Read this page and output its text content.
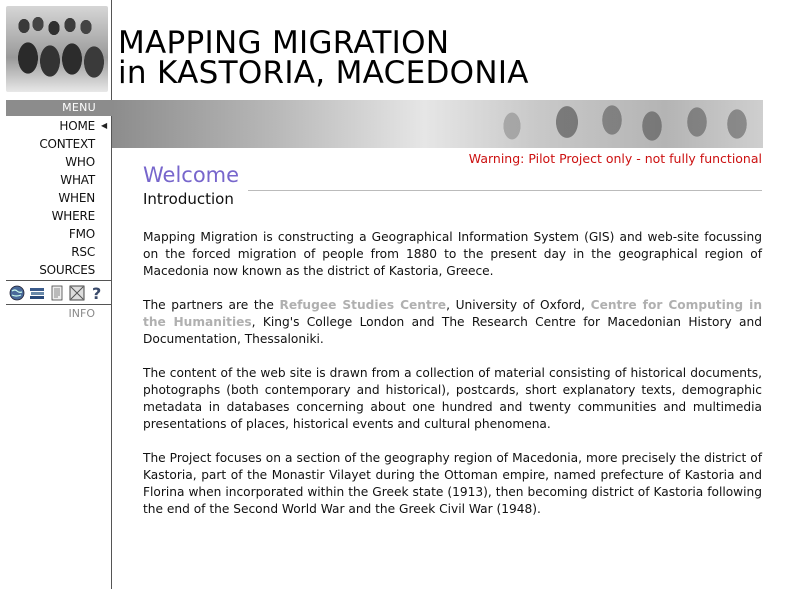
MAPPING MIGRATION
in KASTORIA, MACEDONIA
MENU
HOME ◀
CONTEXT
WHO
WHAT
WHEN
WHERE
FMO
RSC
SOURCES
?
INFO
Warning: Pilot Project only - not fully functional
Welcome
Introduction

Mapping Migration is constructing a Geographical Information System (GIS) and web-site focussing on the forced migration of people from 1880 to the present day in the geographical region of Macedonia now known as the district of Kastoria, Greece.

The partners are the Refugee Studies Centre, University of Oxford, Centre for Computing in the Humanities, King's College London and The Research Centre for Macedonian History and Documentation, Thessaloniki.

The content of the web site is drawn from a collection of material consisting of historical documents, photographs (both contemporary and historical), postcards, short explanatory texts, demographic metadata in databases concerning about one hundred and twenty communities and multimedia presentations of places, historical events and cultural phenomena.

The Project focuses on a section of the geography region of Macedonia, more precisely the district of Kastoria, part of the Monastir Vilayet during the Ottoman empire, named prefecture of Kastoria and Florina when incorporated within the Greek state (1913), then becoming district of Kastoria following the end of the Second World War and the Greek Civil War (1948).
